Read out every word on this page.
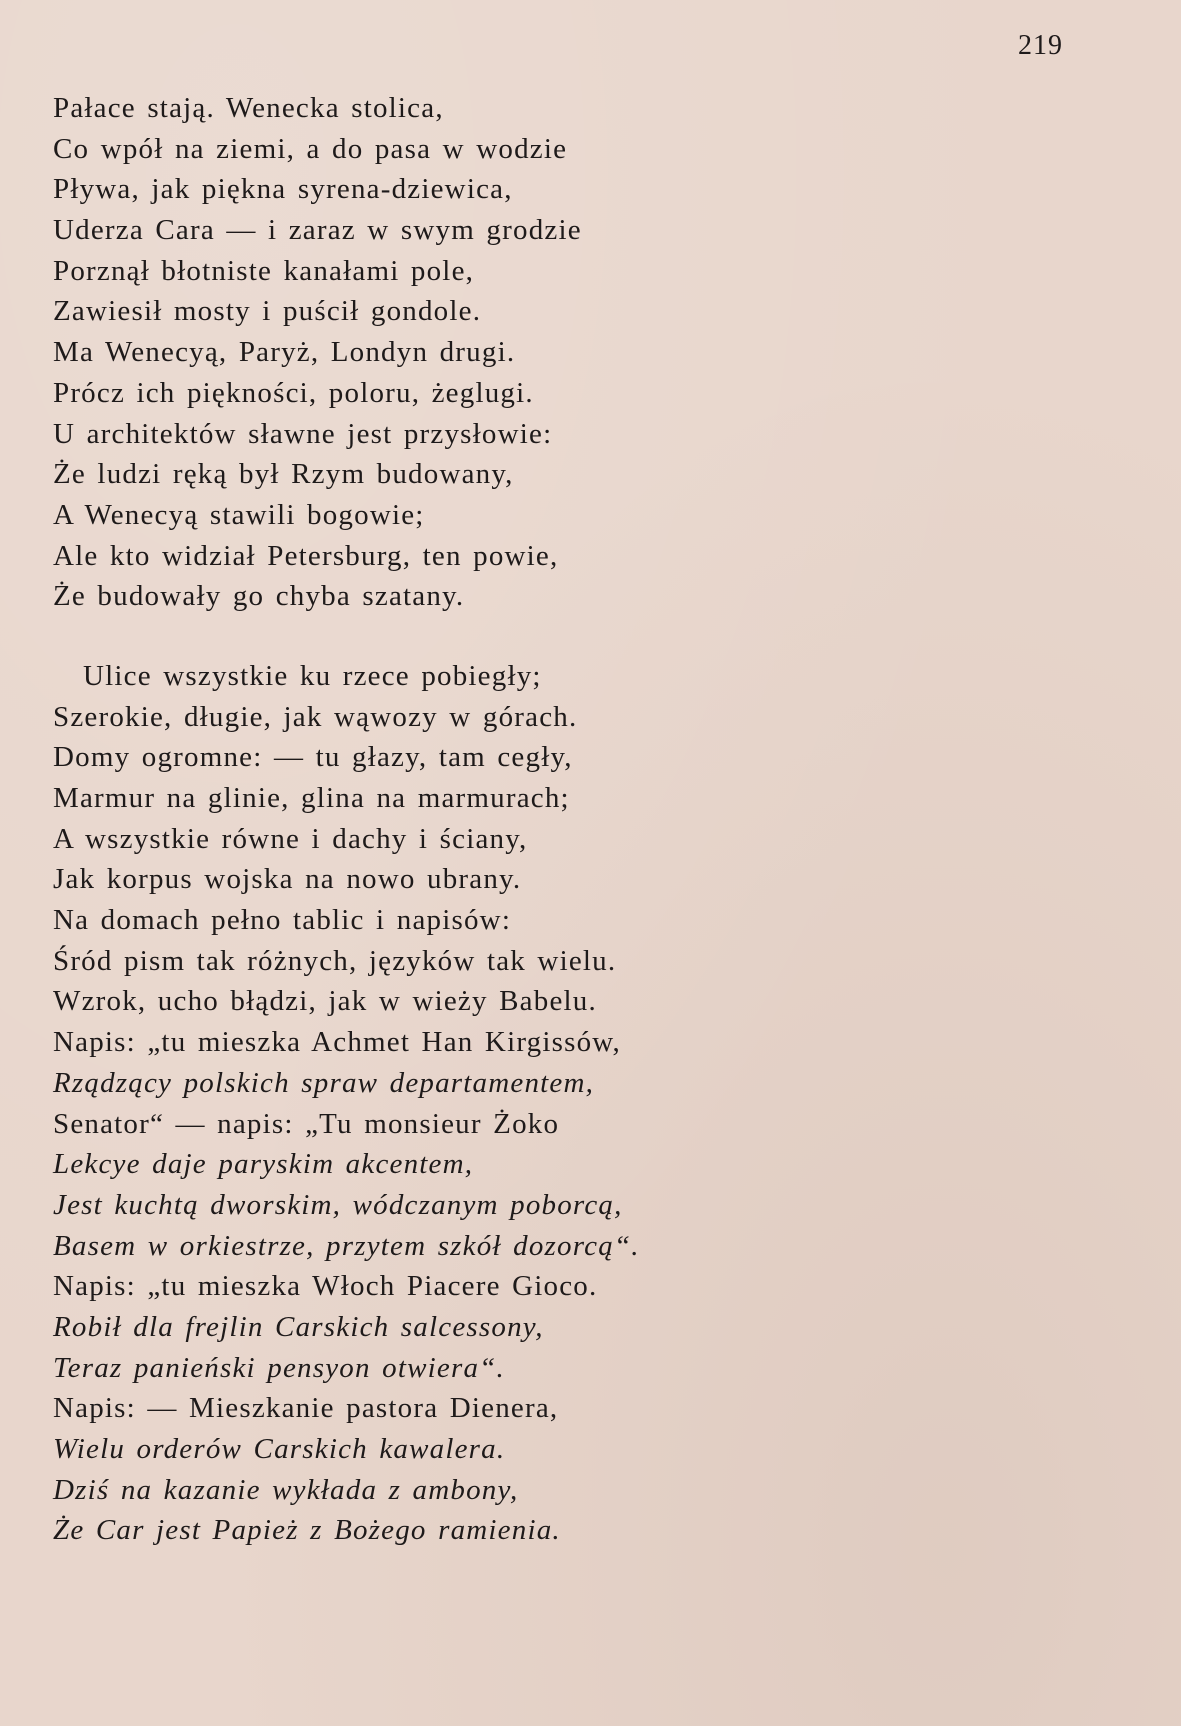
219
Pałace stają. Wenecka stolica,
Co wpół na ziemi, a do pasa w wodzie
Pływa, jak piękna syrena-dziewica,
Uderza Cara — i zaraz w swym grodzie
Porznął błotniste kanałami pole,
Zawiesił mosty i puścił gondole.
Ma Wenecyą, Paryż, Londyn drugi.
Prócz ich piękności, poloru, żeglugi.
U architektów sławne jest przysłowie:
Że ludzi ręką był Rzym budowany,
A Wenecyą stawili bogowie;
Ale kto widział Petersburg, ten powie,
Że budowały go chyba szatany.
Ulice wszystkie ku rzece pobiegły;
Szerokie, długie, jak wąwozy w górach.
Domy ogromne: — tu głazy, tam cegły,
Marmur na glinie, glina na marmurach;
A wszystkie równe i dachy i ściany,
Jak korpus wojska na nowo ubrany.
Na domach pełno tablic i napisów:
Śród pism tak różnych, języków tak wielu.
Wzrok, ucho błądzi, jak w wieży Babelu.
Napis: „tu mieszka Achmet Han Kirgissów,
Rządzący polskich spraw departamentem,
Senator“ — napis: „Tu monsieur Żoko
Lekcye daje paryskim akcentem,
Jest kuchtą dworskim, wódczanym poborcą,
Basem w orkiestrze, przytem szkół dozorcą“.
Napis: „tu mieszka Włoch Piacere Gioco.
Robił dla frejlin Carskich salcessony,
Teraz panieński pensyon otwiera“.
Napis: — Mieszkanie pastora Dienera,
Wielu orderów Carskich kawalera.
Dziś na kazanie wykłada z ambony,
Że Car jest Papież z Bożego ramienia.
